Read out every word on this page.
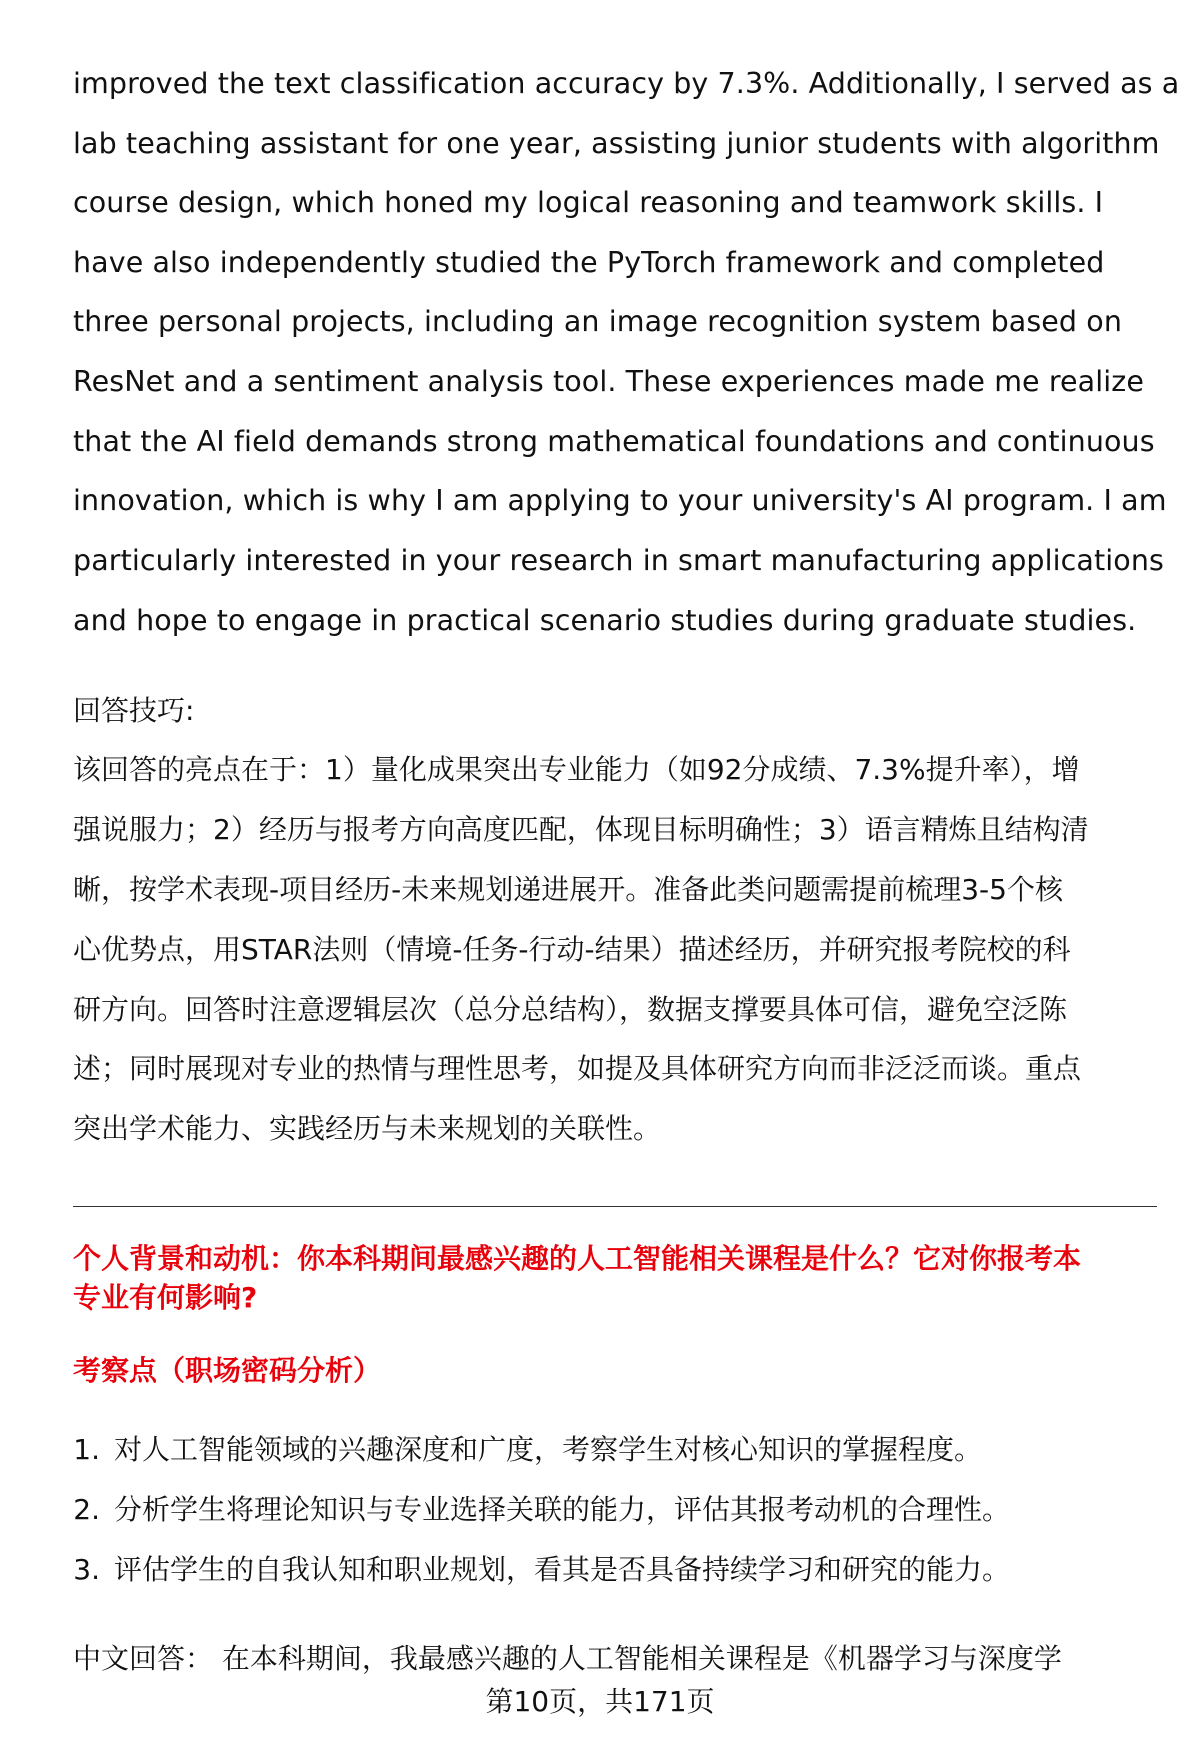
improved the text classification accuracy by 7.3%. Additionally, I served as a
lab teaching assistant for one year, assisting junior students with algorithm
course design, which honed my logical reasoning and teamwork skills. I
have also independently studied the PyTorch framework and completed
three personal projects, including an image recognition system based on
ResNet and a sentiment analysis tool. These experiences made me realize
that the AI field demands strong mathematical foundations and continuous
innovation, which is why I am applying to your university's AI program. I am
particularly interested in your research in smart manufacturing applications
and hope to engage in practical scenario studies during graduate studies.
回答技巧:
该回答的亮点在于：1）量化成果突出专业能力（如92分成绩、7.3%提升率），增
强说服力；2）经历与报考方向高度匹配，体现目标明确性；3）语言精炼且结构清
晰，按学术表现-项目经历-未来规划递进展开。准备此类问题需提前梳理3-5个核
心优势点，用STAR法则（情境-任务-行动-结果）描述经历，并研究报考院校的科
研方向。回答时注意逻辑层次（总分总结构），数据支撑要具体可信，避免空泛陈
述；同时展现对专业的热情与理性思考，如提及具体研究方向而非泛泛而谈。重点
突出学术能力、实践经历与未来规划的关联性。
个人背景和动机：你本科期间最感兴趣的人工智能相关课程是什么？它对你报考本
专业有何影响?
考察点（职场密码分析）
1. 对人工智能领域的兴趣深度和广度，考察学生对核心知识的掌握程度。
2. 分析学生将理论知识与专业选择关联的能力，评估其报考动机的合理性。
3. 评估学生的自我认知和职业规划，看其是否具备持续学习和研究的能力。
中文回答： 在本科期间，我最感兴趣的人工智能相关课程是《机器学习与深度学
第10页，共171页
